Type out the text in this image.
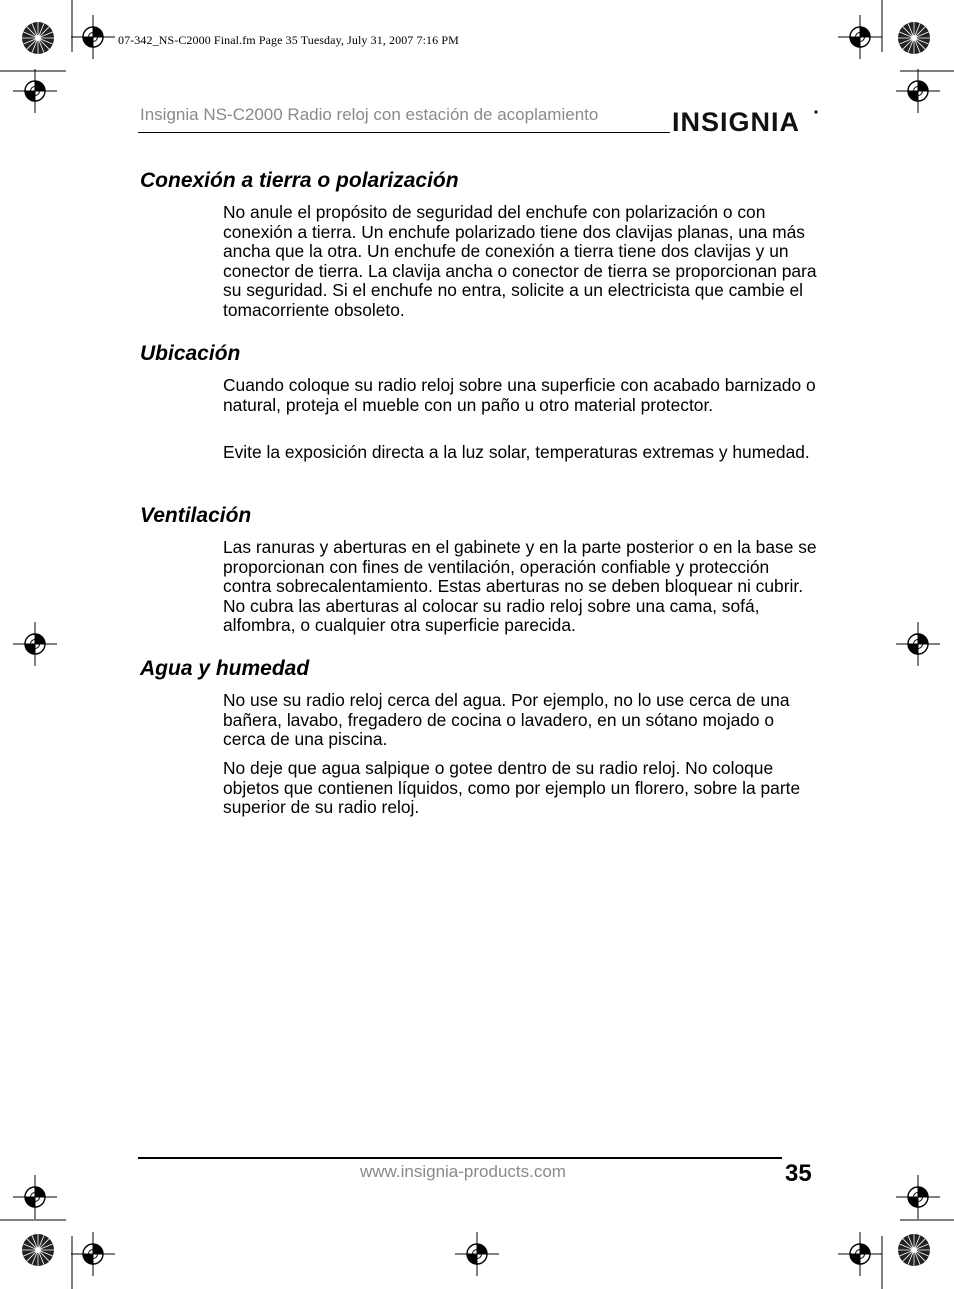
07-342_NS-C2000 Final.fm Page 35 Tuesday, July 31, 2007 7:16 PM
Insignia NS-C2000 Radio reloj con estación de acoplamiento	INSIGNIA
Conexión a tierra o polarización

No anule el propósito de seguridad del enchufe con polarización o con conexión a tierra. Un enchufe polarizado tiene dos clavijas planas, una más ancha que la otra. Un enchufe de conexión a tierra tiene dos clavijas y un conector de tierra. La clavija ancha o conector de tierra se proporcionan para su seguridad. Si el enchufe no entra, solicite a un electricista que cambie el tomacorriente obsoleto.

Ubicación

Cuando coloque su radio reloj sobre una superficie con acabado barnizado o natural, proteja el mueble con un paño u otro material protector.

Evite la exposición directa a la luz solar, temperaturas extremas y humedad.

Ventilación

Las ranuras y aberturas en el gabinete y en la parte posterior o en la base se proporcionan con fines de ventilación, operación confiable y protección contra sobrecalentamiento. Estas aberturas no se deben bloquear ni cubrir. No cubra las aberturas al colocar su radio reloj sobre una cama, sofá, alfombra, o cualquier otra superficie parecida.

Agua y humedad

No use su radio reloj cerca del agua. Por ejemplo, no lo use cerca de una bañera, lavabo, fregadero de cocina o lavadero, en un sótano mojado o cerca de una piscina.

No deje que agua salpique o gotee dentro de su radio reloj. No coloque objetos que contienen líquidos, como por ejemplo un florero, sobre la parte superior de su radio reloj.

www.insignia-products.com	35
